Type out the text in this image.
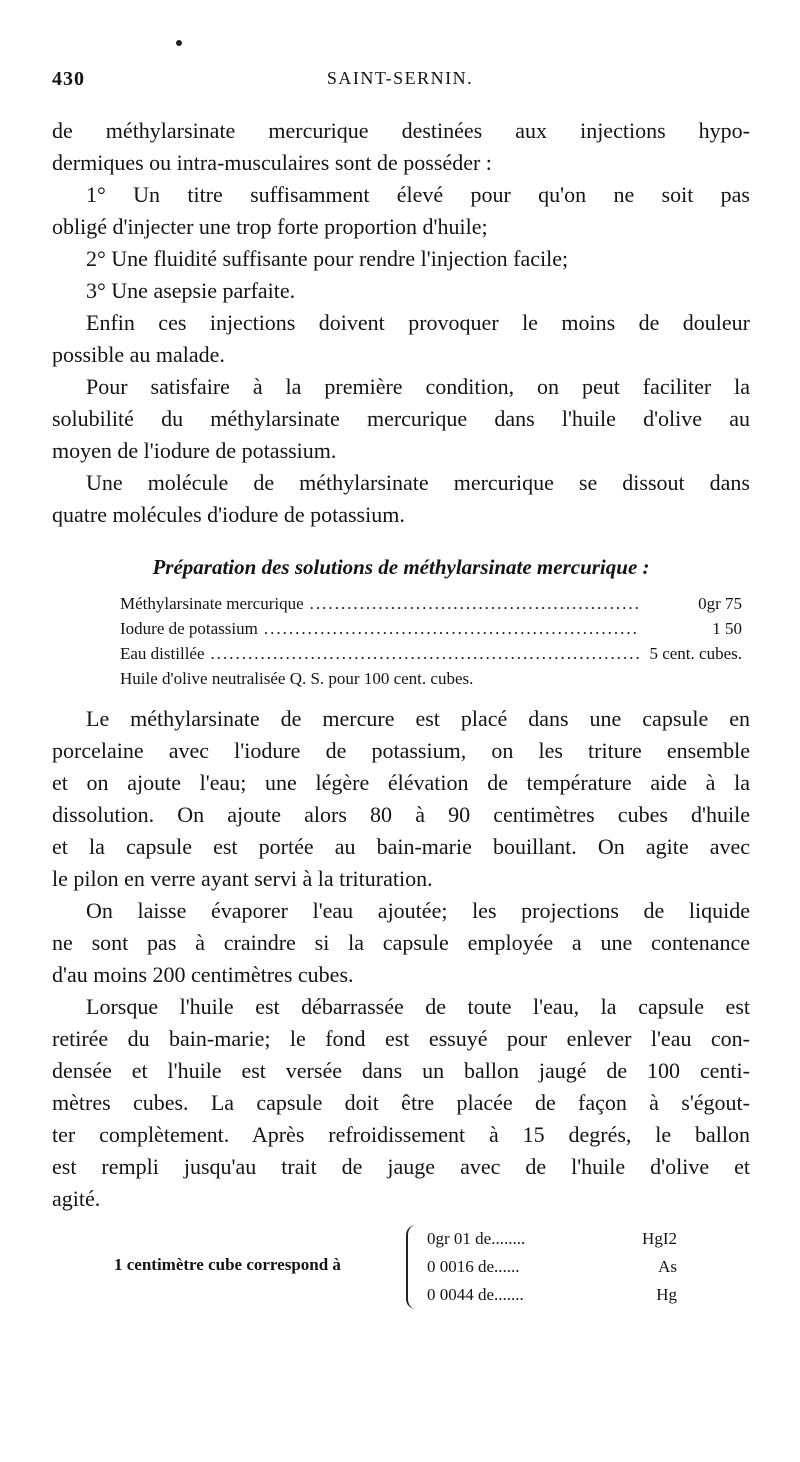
SAINT-SERNIN.
430
de méthylarsinate mercurique destinées aux injections hypo-
dermiques ou intra-musculaires sont de posséder :
1° Un titre suffisamment élevé pour qu'on ne soit pas
obligé d'injecter une trop forte proportion d'huile;
2° Une fluidité suffisante pour rendre l'injection facile;
3° Une asepsie parfaite.
Enfin ces injections doivent provoquer le moins de douleur
possible au malade.
Pour satisfaire à la première condition, on peut faciliter la
solubilité du méthylarsinate mercurique dans l'huile d'olive au
moyen de l'iodure de potassium.
Une molécule de méthylarsinate mercurique se dissout dans
quatre molécules d'iodure de potassium.
Préparation des solutions de méthylarsinate mercurique :
Méthylarsinate mercurique .....	0gr 75
Iodure de potassium .....	1 50
Eau distillée .....	5 cent. cubes.
Huile d'olive neutralisée Q. S. pour 100 cent. cubes.
Le méthylarsinate de mercure est placé dans une capsule en
porcelaine avec l'iodure de potassium, on les triture ensemble
et on ajoute l'eau; une légère élévation de température aide à la
dissolution. On ajoute alors 80 à 90 centimètres cubes d'huile
et la capsule est portée au bain-marie bouillant. On agite avec
le pilon en verre ayant servi à la trituration.
On laisse évaporer l'eau ajoutée; les projections de liquide
ne sont pas à craindre si la capsule employée a une contenance
d'au moins 200 centimètres cubes.
Lorsque l'huile est débarrassée de toute l'eau, la capsule est
retirée du bain-marie; le fond est essuyé pour enlever l'eau con-
densée et l'huile est versée dans un ballon jaugé de 100 centi-
mètres cubes. La capsule doit être placée de façon à s'égout-
ter complètement. Après refroidissement à 15 degrés, le ballon
est rempli jusqu'au trait de jauge avec de l'huile d'olive et
agité.
1 centimètre cube correspond à
0gr 01 de........	HgI2
0 0016 de......	As
0 0044 de.......	Hg
